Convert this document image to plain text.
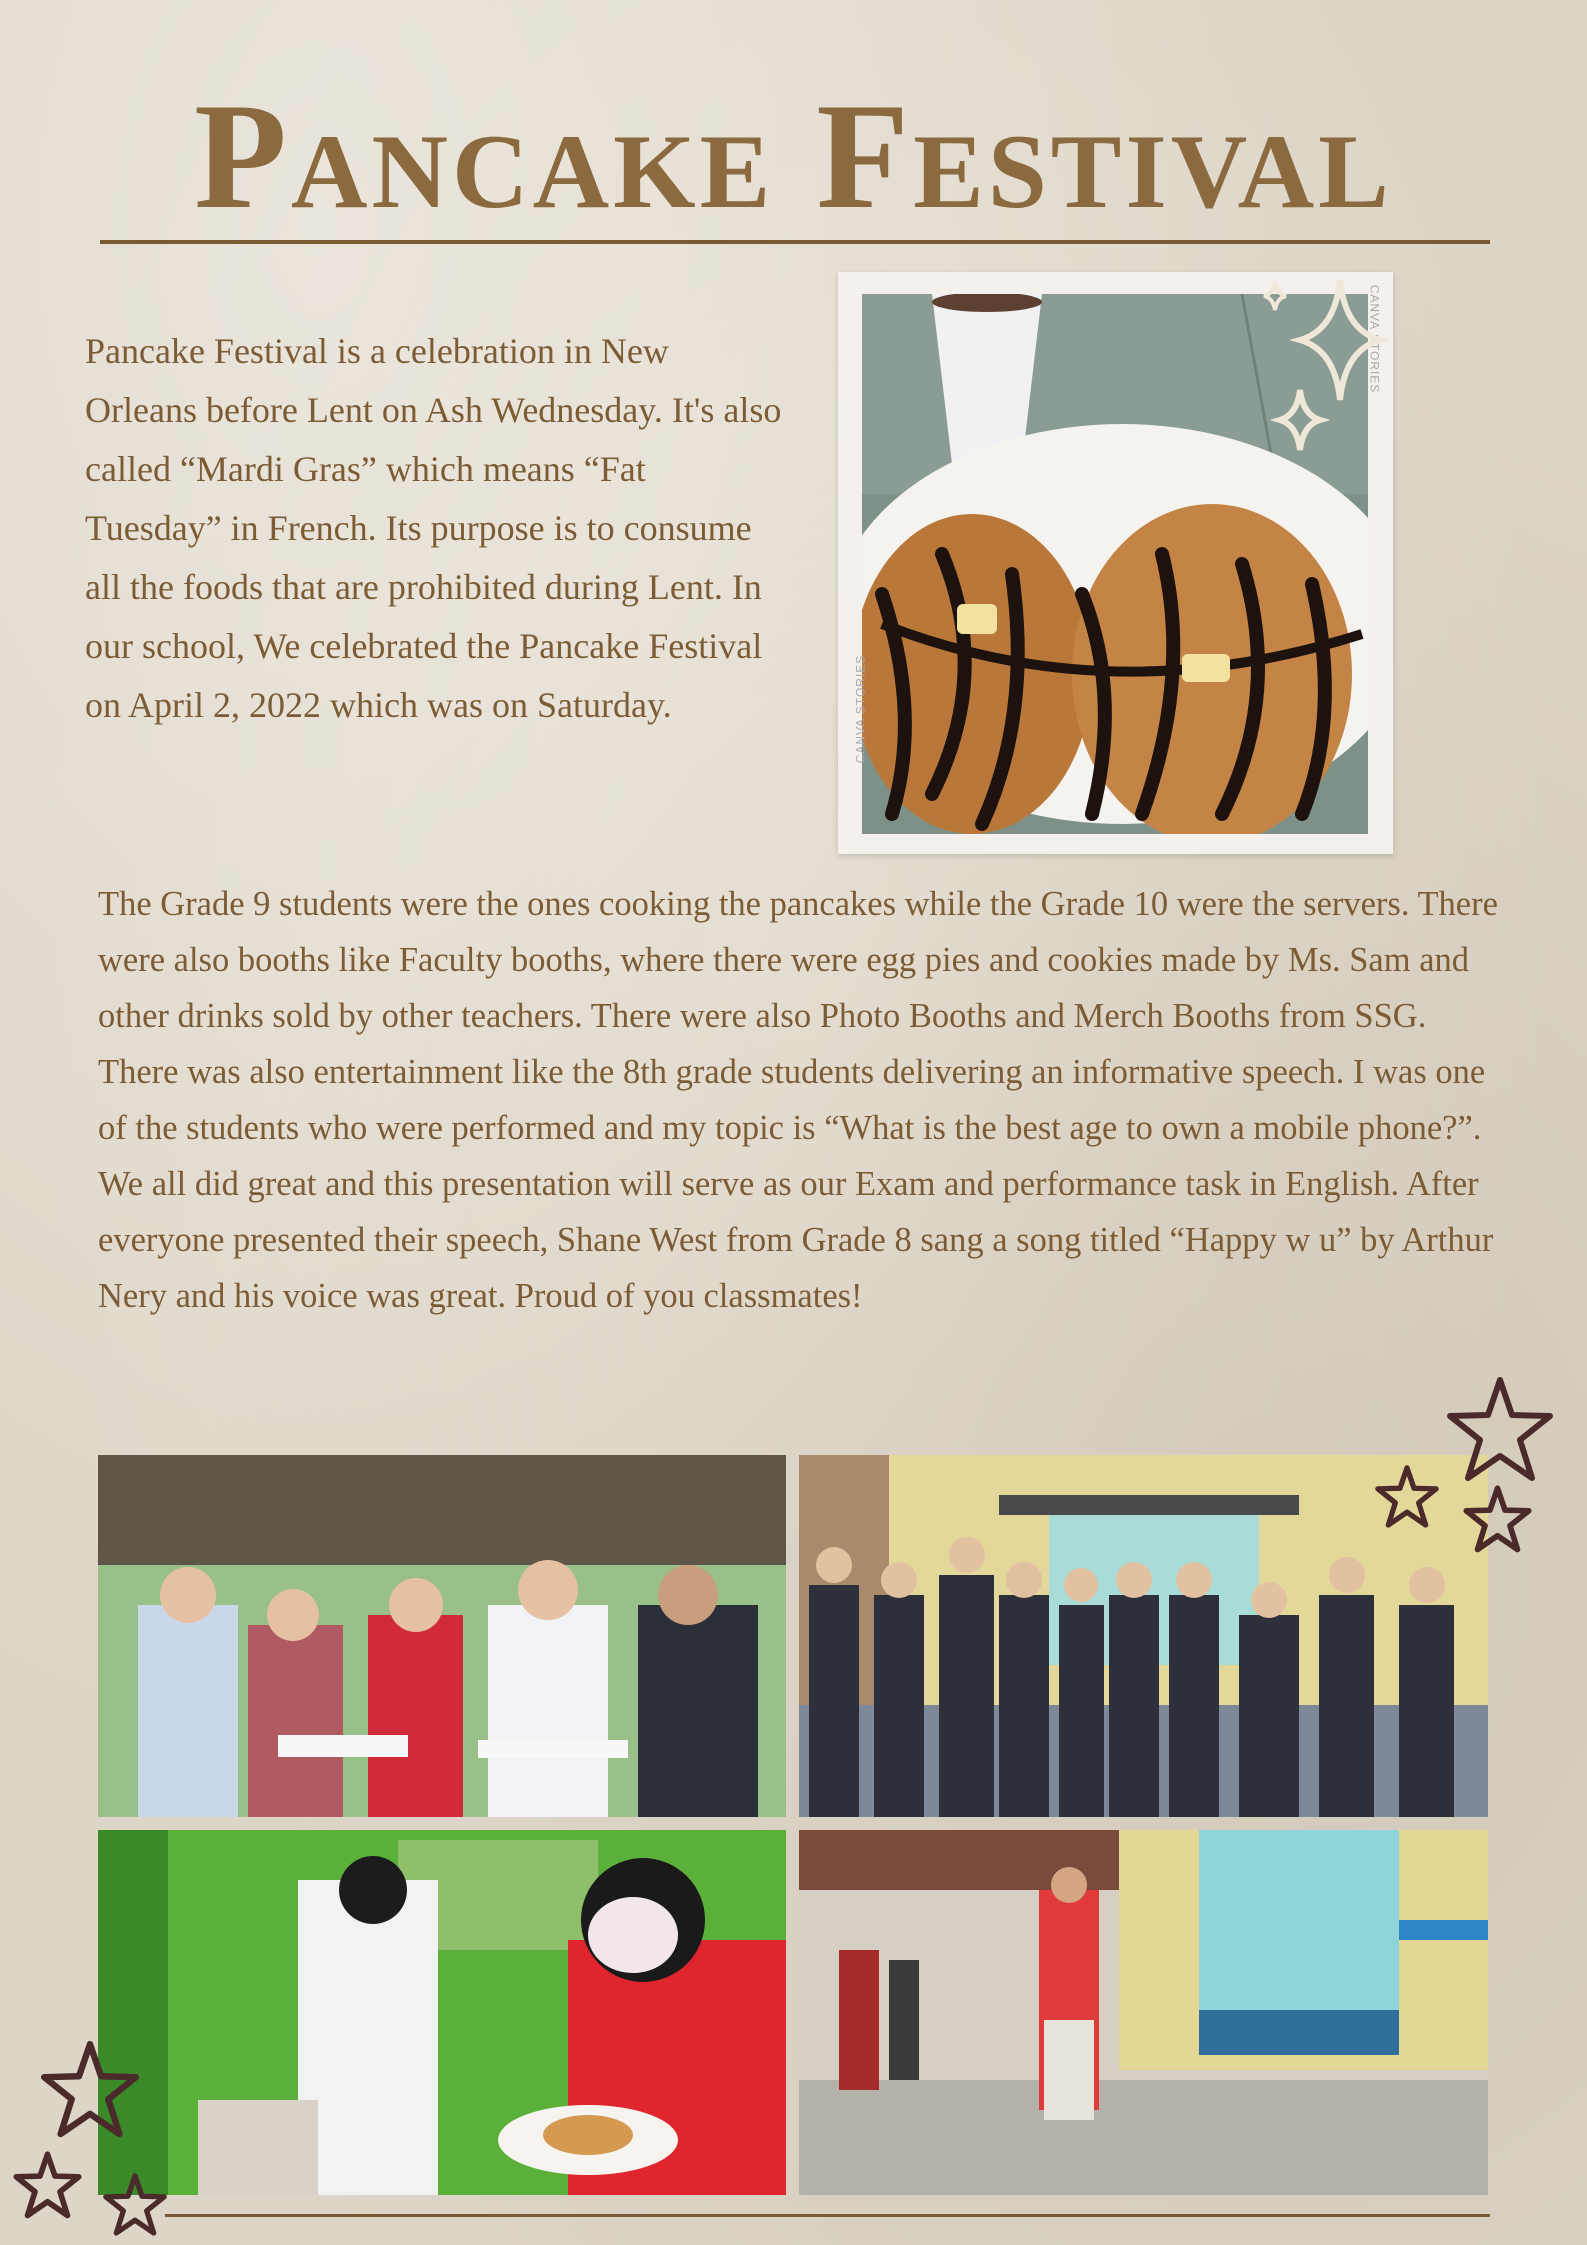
Pancake Festival
Pancake Festival is a celebration in New Orleans before Lent on Ash Wednesday. It's also called “Mardi Gras” which means “Fat Tuesday” in French. Its purpose is to consume all the foods that are prohibited during Lent. In our school, We celebrated the Pancake Festival on April 2, 2022 which was on Saturday.	CANVA STORIES
CANVA STORIES
The Grade 9 students were the ones cooking the pancakes while the Grade 10 were the servers. There were also booths like Faculty booths, where there were egg pies and cookies made by Ms. Sam and other drinks sold by other teachers. There were also Photo Booths and Merch Booths from SSG. There was also entertainment like the 8th grade students delivering an informative speech. I was one of the students who were performed and my topic is “What is the best age to own a mobile phone?”. We all did great and this presentation will serve as our Exam and performance task in English. After everyone presented their speech, Shane West from Grade 8 sang a song titled “Happy w u” by Arthur Nery and his voice was great. Proud of you classmates!
